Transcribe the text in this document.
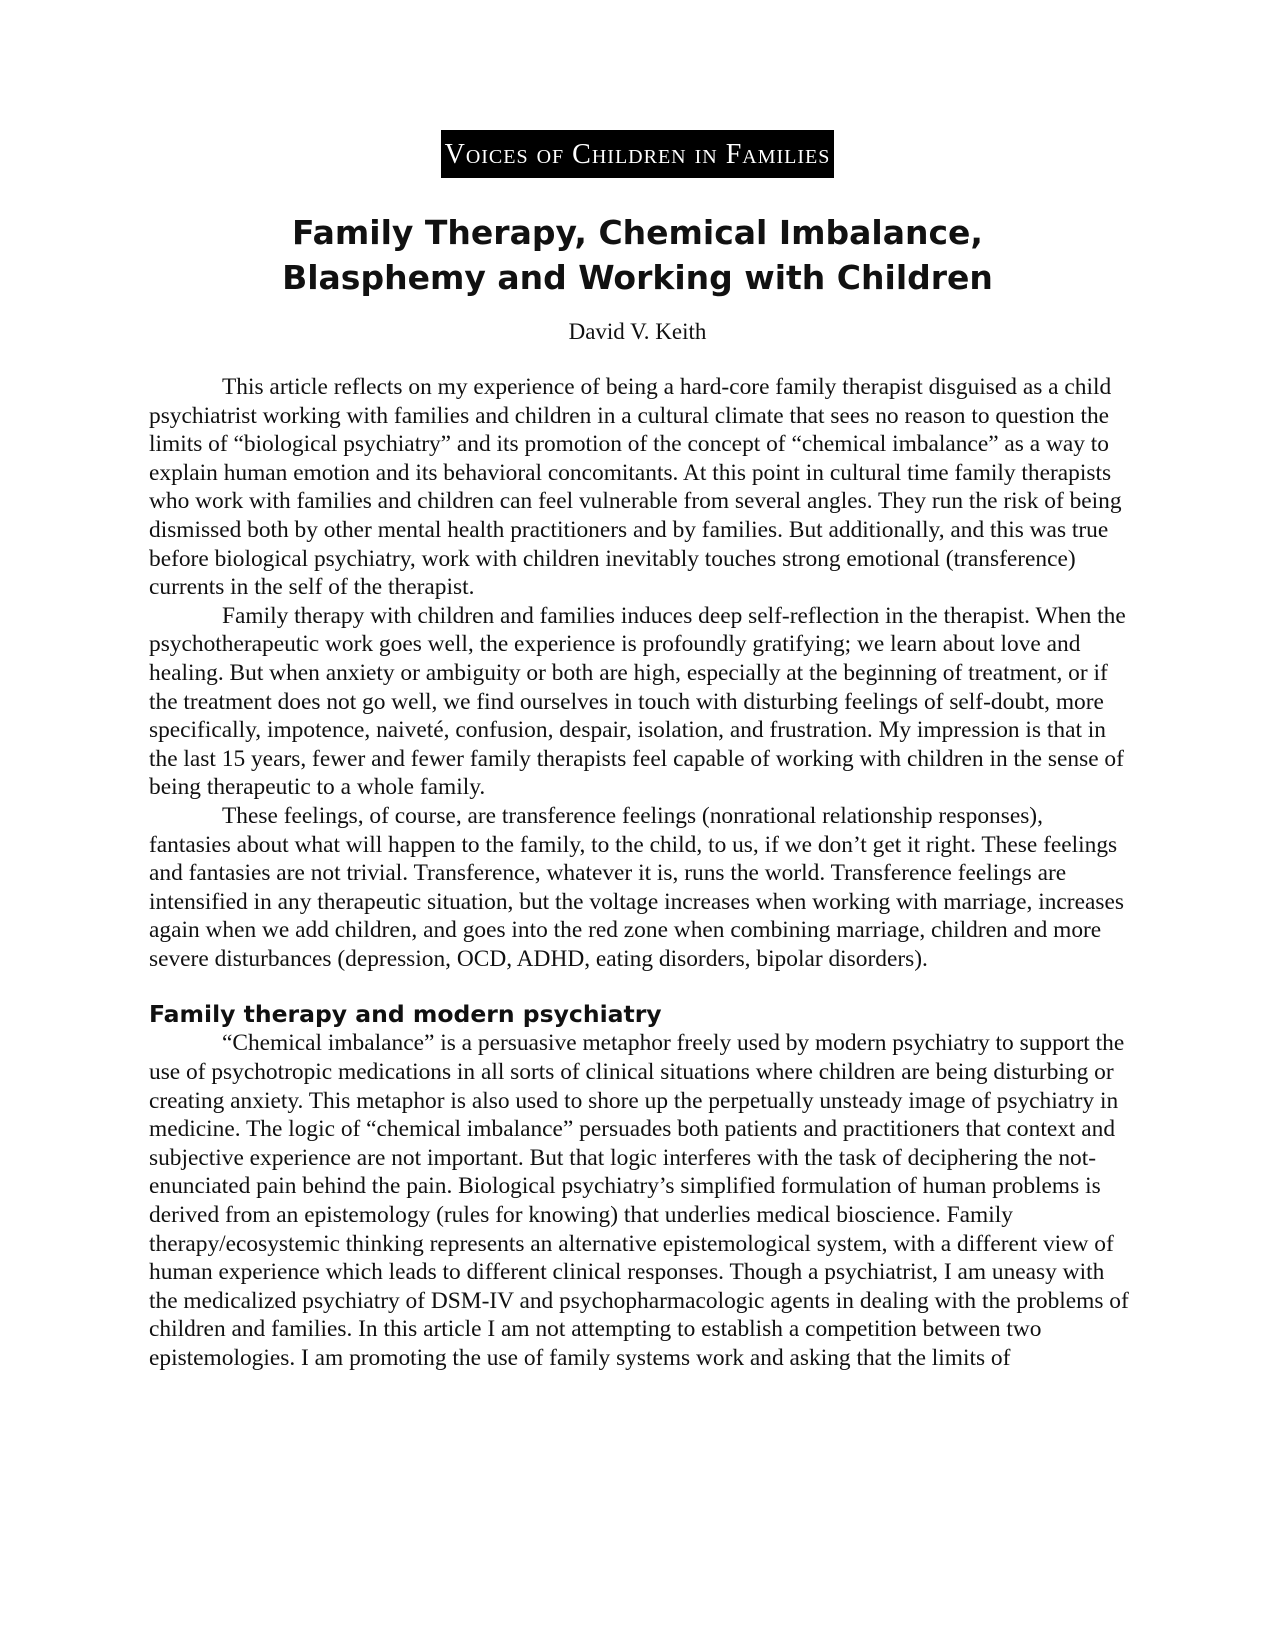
Voices of Children in Families
Family Therapy, Chemical Imbalance,
Blasphemy and Working with Children
David V. Keith

This article reflects on my experience of being a hard-core family therapist disguised as a child psychiatrist working with families and children in a cultural climate that sees no reason to question the limits of “biological psychiatry” and its promotion of the concept of “chemical imbalance” as a way to explain human emotion and its behavioral concomitants. At this point in cultural time family therapists who work with families and children can feel vulnerable from several angles. They run the risk of being dismissed both by other mental health practitioners and by families. But additionally, and this was true before biological psychiatry, work with children inevitably touches strong emotional (transference) currents in the self of the therapist.

Family therapy with children and families induces deep self-reflection in the therapist. When the psychotherapeutic work goes well, the experience is profoundly gratifying; we learn about love and healing. But when anxiety or ambiguity or both are high, especially at the beginning of treatment, or if the treatment does not go well, we find ourselves in touch with disturbing feelings of self-doubt, more specifically, impotence, naiveté, confusion, despair, isolation, and frustration. My impression is that in the last 15 years, fewer and fewer family therapists feel capable of working with children in the sense of being therapeutic to a whole family.

These feelings, of course, are transference feelings (nonrational relationship responses), fantasies about what will happen to the family, to the child, to us, if we don’t get it right. These feelings and fantasies are not trivial. Transference, whatever it is, runs the world. Transference feelings are intensified in any therapeutic situation, but the voltage increases when working with marriage, increases again when we add children, and goes into the red zone when combining marriage, children and more severe disturbances (depression, OCD, ADHD, eating disorders, bipolar disorders).

Family therapy and modern psychiatry

“Chemical imbalance” is a persuasive metaphor freely used by modern psychiatry to support the use of psychotropic medications in all sorts of clinical situations where children are being disturbing or creating anxiety. This metaphor is also used to shore up the perpetually unsteady image of psychiatry in medicine. The logic of “chemical imbalance” persuades both patients and practitioners that context and subjective experience are not important. But that logic interferes with the task of deciphering the not-enunciated pain behind the pain. Biological psychiatry’s simplified formulation of human problems is derived from an epistemology (rules for knowing) that underlies medical bioscience. Family therapy/ecosystemic thinking represents an alternative epistemological system, with a different view of human experience which leads to different clinical responses. Though a psychiatrist, I am uneasy with the medicalized psychiatry of DSM-IV and psychopharmacologic agents in dealing with the problems of children and families. In this article I am not attempting to establish a competition between two epistemologies. I am promoting the use of family systems work and asking that the limits of
